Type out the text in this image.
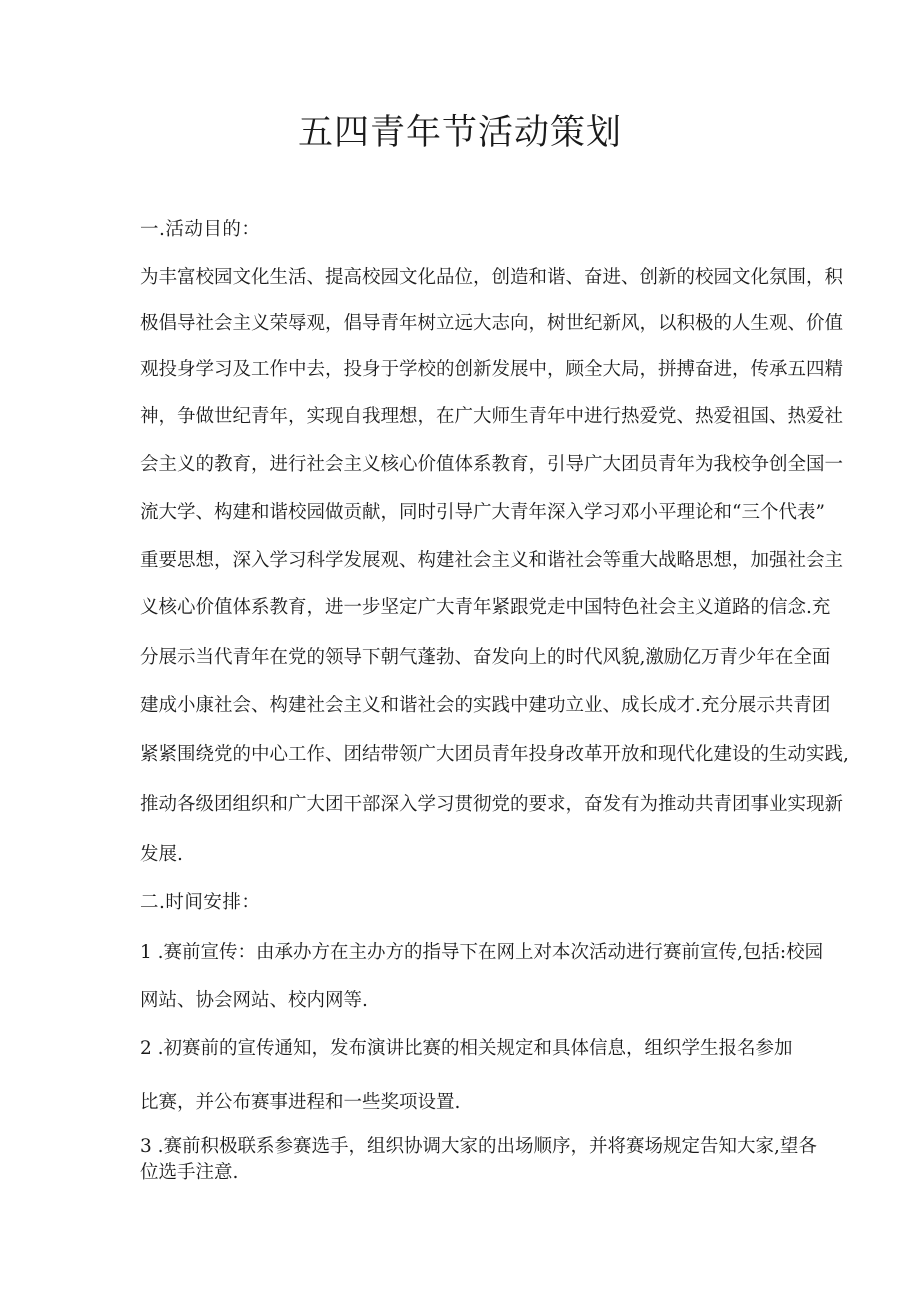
五四青年节活动策划
一.活动目的：
为丰富校园文化生活、提高校园文化品位，创造和谐、奋进、创新的校园文化氛围，积
极倡导社会主义荣辱观，倡导青年树立远大志向，树世纪新风，以积极的人生观、价值
观投身学习及工作中去，投身于学校的创新发展中，顾全大局，拼搏奋进，传承五四精
神，争做世纪青年，实现自我理想，在广大师生青年中进行热爱党、热爱祖国、热爱社
会主义的教育，进行社会主义核心价值体系教育，引导广大团员青年为我校争创全国一
流大学、构建和谐校园做贡献，同时引导广大青年深入学习邓小平理论和“三个代表”
重要思想，深入学习科学发展观、构建社会主义和谐社会等重大战略思想，加强社会主
义核心价值体系教育，进一步坚定广大青年紧跟党走中国特色社会主义道路的信念.充
分展示当代青年在党的领导下朝气蓬勃、奋发向上的时代风貌,激励亿万青少年在全面
建成小康社会、构建社会主义和谐社会的实践中建功立业、成长成才.充分展示共青团
紧紧围绕党的中心工作、团结带领广大团员青年投身改革开放和现代化建设的生动实践,
推动各级团组织和广大团干部深入学习贯彻党的要求，奋发有为推动共青团事业实现新
发展.
二.时间安排：
1 .赛前宣传：由承办方在主办方的指导下在网上对本次活动进行赛前宣传,包括:校园
网站、协会网站、校内网等.
2 .初赛前的宣传通知，发布演讲比赛的相关规定和具体信息，组织学生报名参加
比赛，并公布赛事进程和一些奖项设置.
3 .赛前积极联系参赛选手，组织协调大家的出场顺序，并将赛场规定告知大家,望各
位选手注意.
